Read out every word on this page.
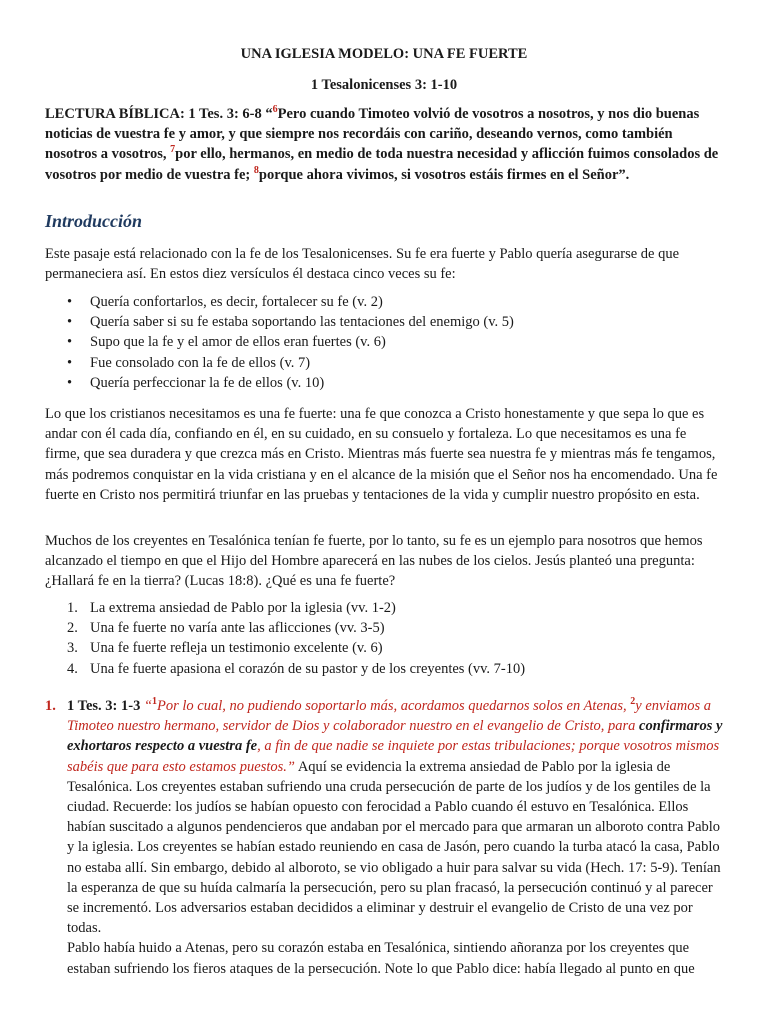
UNA IGLESIA MODELO: UNA FE FUERTE
1 Tesalonicenses 3: 1-10

LECTURA BÍBLICA: 1 Tes. 3: 6-8 “$^6$Pero cuando Timoteo volvió de vosotros a nosotros, y nos dio buenas noticias de vuestra fe y amor, y que siempre nos recordáis con cariño, deseando vernos, como también nosotros a vosotros, $^7$por ello, hermanos, en medio de toda nuestra necesidad y aflicción fuimos consolados de vosotros por medio de vuestra fe; $^8$porque ahora vivimos, si vosotros estáis firmes en el Señor”.

Introducción

Este pasaje está relacionado con la fe de los Tesalonicenses. Su fe era fuerte y Pablo quería asegurarse de que permaneciera así. En estos diez versículos él destaca cinco veces su fe:

• Quería confortarlos, es decir, fortalecer su fe (v. 2)
• Quería saber si su fe estaba soportando las tentaciones del enemigo (v. 5)
• Supo que la fe y el amor de ellos eran fuertes (v. 6)
• Fue consolado con la fe de ellos (v. 7)
• Quería perfeccionar la fe de ellos (v. 10)

Lo que los cristianos necesitamos es una fe fuerte: una fe que conozca a Cristo honestamente y que sepa lo que es andar con él cada día, confiando en él, en su cuidado, en su consuelo y fortaleza. Lo que necesitamos es una fe firme, que sea duradera y que crezca más en Cristo. Mientras más fuerte sea nuestra fe y mientras más fe tengamos, más podremos conquistar en la vida cristiana y en el alcance de la misión que el Señor nos ha encomendado. Una fe fuerte en Cristo nos permitirá triunfar en las pruebas y tentaciones de la vida y cumplir nuestro propósito en esta.

Muchos de los creyentes en Tesalónica tenían fe fuerte, por lo tanto, su fe es un ejemplo para nosotros que hemos alcanzado el tiempo en que el Hijo del Hombre aparecerá en las nubes de los cielos. Jesús planteó una pregunta: ¿Hallará fe en la tierra? (Lucas 18:8). ¿Qué es una fe fuerte?

1. La extrema ansiedad de Pablo por la iglesia (vv. 1-2)
2. Una fe fuerte no varía ante las aflicciones (vv. 3-5)
3. Una fe fuerte refleja un testimonio excelente (v. 6)
4. Una fe fuerte apasiona el corazón de su pastor y de los creyentes (vv. 7-10)
1. 1 Tes. 3: 1-3 “$^1$Por lo cual, no pudiendo soportarlo más, acordamos quedarnos solos en Atenas, $^2$y enviamos a Timoteo nuestro hermano, servidor de Dios y colaborador nuestro en el evangelio de Cristo, para confirmaros y exhortaros respecto a vuestra fe, a fin de que nadie se inquiete por estas tribulaciones; porque vosotros mismos sabéis que para esto estamos puestos.” Aquí se evidencia la extrema ansiedad de Pablo por la iglesia de Tesalónica. Los creyentes estaban sufriendo una cruda persecución de parte de los judíos y de los gentiles de la ciudad. Recuerde: los judíos se habían opuesto con ferocidad a Pablo cuando él estuvo en Tesalónica. Ellos habían suscitado a algunos pendencieros que andaban por el mercado para que armaran un alboroto contra Pablo y la iglesia. Los creyentes se habían estado reuniendo en casa de Jasón, pero cuando la turba atacó la casa, Pablo no estaba allí. Sin embargo, debido al alboroto, se vio obligado a huir para salvar su vida (Hech. 17: 5-9). Tenían la esperanza de que su huída calmaría la persecución, pero su plan fracasó, la persecución continuó y al parecer se incrementó. Los adversarios estaban decididos a eliminar y destruir el evangelio de Cristo de una vez por todas.
Pablo había huido a Atenas, pero su corazón estaba en Tesalónica, sintiendo añoranza por los creyentes que estaban sufriendo los fieros ataques de la persecución. Note lo que Pablo dice: había llegado al punto en que
